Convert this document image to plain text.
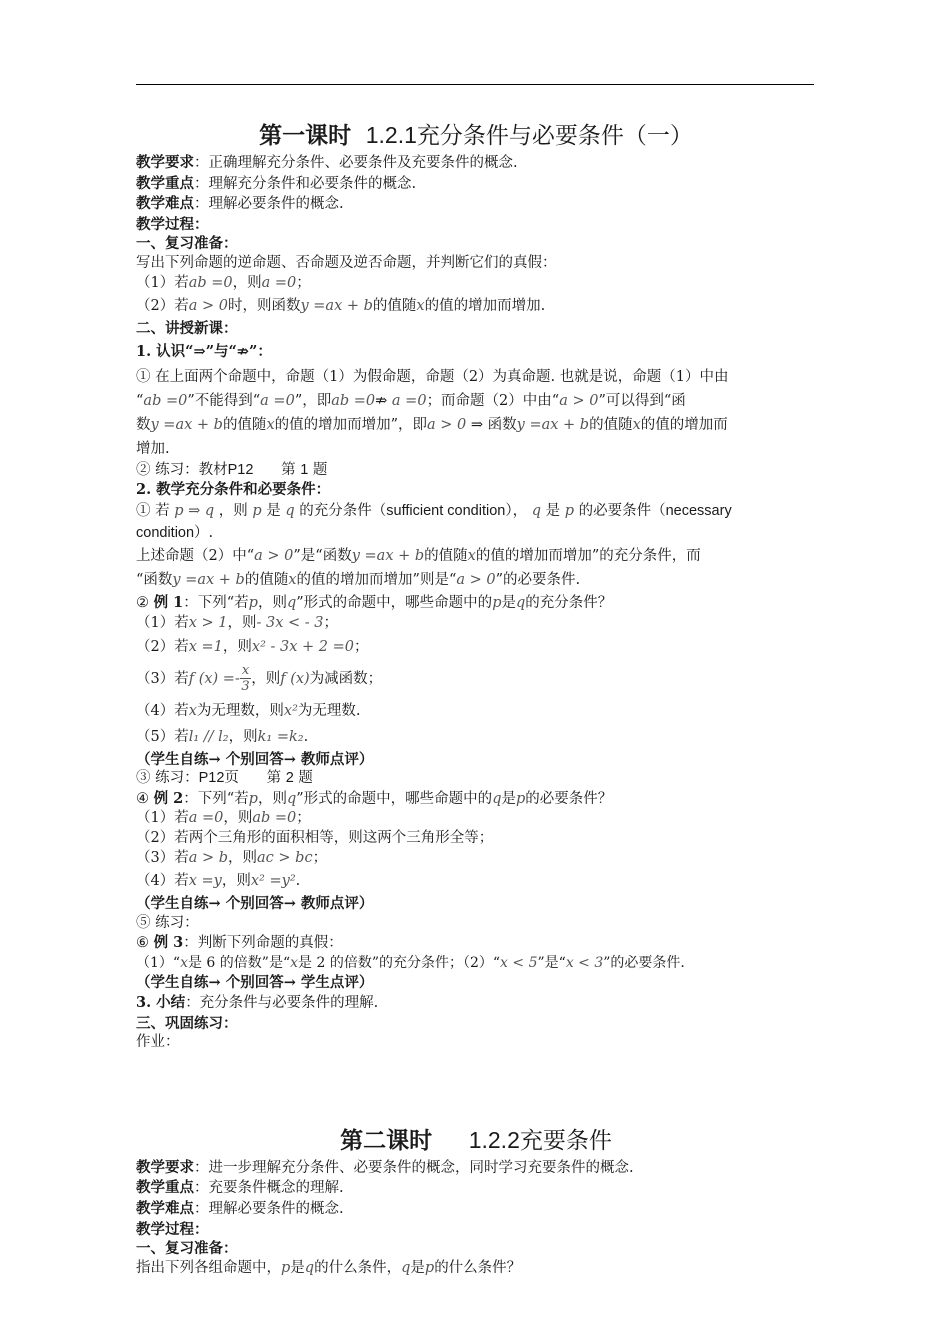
第一课时 1.2.1充分条件与必要条件（一）

教学要求：正确理解充分条件、必要条件及充要条件的概念.

教学重点：理解充分条件和必要条件的概念.

教学难点：理解必要条件的概念.

教学过程：

一、复习准备：

写出下列命题的逆命题、否命题及逆否命题，并判断它们的真假：

（1）若ab =0，则a =0；

（2）若a > 0时，则函数y =ax + b的值随x的值的增加而增加.

二、讲授新课：

1. 认识“⇒”与“⇏”：

① 在上面两个命题中，命题（1）为假命题，命题（2）为真命题. 也就是说，命题（1）中由
“ab =0”不能得到“a =0”，即ab =0⇏ a =0；而命题（2）中由“a > 0”可以得到“函
数y =ax + b的值随x的值的增加而增加”，即a > 0 ⇒ 函数y =ax + b的值随x的值的增加而
增加.

② 练习：教材P12 第 1 题

2. 教学充分条件和必要条件：

① 若 p ⇒ q ，则 p 是 q 的充分条件（sufficient condition）， q 是 p 的必要条件（necessary
condition）.

上述命题（2）中“a > 0”是“函数y =ax + b的值随x的值的增加而增加”的充分条件，而
“函数y =ax + b的值随x的值的增加而增加”则是“a > 0”的必要条件.

② 例 1：下列“若p，则q”形式的命题中，哪些命题中的p是q的充分条件？

（1）若x > 1，则- 3x < - 3；

（2）若x =1，则x² - 3x + 2 =0；

（3）若f $(x) =- \frac{x}{3}$ ，则f (x)为减函数；

（4）若x为无理数，则x²为无理数.

（5）若l₁ // l₂，则k₁ =k₂.

（学生自练→ 个别回答→ 教师点评）

③ 练习：P12页 第 2 题

④ 例 2：下列“若p，则q”形式的命题中，哪些命题中的q是p的必要条件？

（1）若a =0，则ab =0；

（2）若两个三角形的面积相等，则这两个三角形全等；

（3）若a > b，则ac > bc；

（4）若x =y，则x² =y².

（学生自练→ 个别回答→ 教师点评）

⑤ 练习：

⑥ 例 3：判断下列命题的真假：

（1）“x是 6 的倍数”是“x是 2 的倍数”的充分条件；（2）“x < 5”是“x < 3”的必要条件.

（学生自练→ 个别回答→ 学生点评）

3. 小结：充分条件与必要条件的理解.

三、巩固练习：

作业：

第二课时 1.2.2充要条件

教学要求：进一步理解充分条件、必要条件的概念，同时学习充要条件的概念.

教学重点：充要条件概念的理解.

教学难点：理解必要条件的概念.

教学过程：

一、复习准备：

指出下列各组命题中，p是q的什么条件，q是p的什么条件？
